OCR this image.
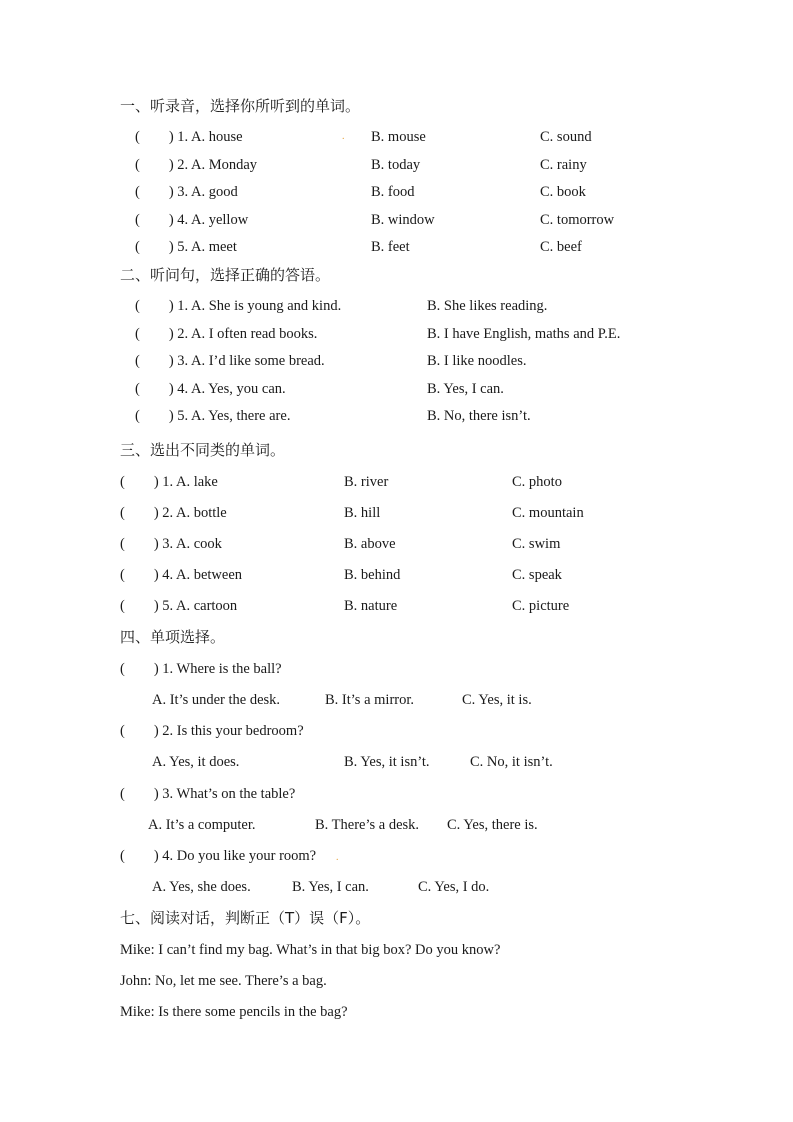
一、听录音，选择你所听到的单词。
(　　) 1. A. house	. B. mouse	C. sound
(　　) 2. A. Monday	B. today	C. rainy
(　　) 3. A. good	B. food	C. book
(　　) 4. A. yellow	B. window	C. tomorrow
(　　) 5. A. meet	B. feet	C. beef
二、听问句，选择正确的答语。
(　　) 1. A. She is young and kind.	B. She likes reading.
(　　) 2. A. I often read books.	B. I have English, maths and P.E.
(　　) 3. A. I’d like some bread.	B. I like noodles.
(　　) 4. A. Yes, you can.	B. Yes, I can.
(　　) 5. A. Yes, there are.	B. No, there isn’t.
三、选出不同类的单词。
(　　) 1. A. lake	B. river	C. photo
(　　) 2. A. bottle	B. hill	C. mountain
(　　) 3. A. cook	B. above	C. swim
(　　) 4. A. between	B. behind	C. speak
(　　) 5. A. cartoon	B. nature	C. picture
四、单项选择。
(　　) 1. Where is the ball?
A. It’s under the desk.	B. It’s a mirror.	C. Yes, it is.
(　　) 2. Is this your bedroom?
A. Yes, it does.	B. Yes, it isn’t.	C. No, it isn’t.
(　　) 3. What’s on the table?
A. It’s a computer.	B. There’s a desk. C. Yes, there is.
(　　) 4. Do you like your room? .
A. Yes, she does.	B. Yes, I can.	C. Yes, I do.
七、阅读对话，判断正（T）误（F）。
Mike: I can’t find my bag. What’s in that big box? Do you know?
John: No, let me see. There’s a bag.
Mike: Is there some pencils in the bag?
